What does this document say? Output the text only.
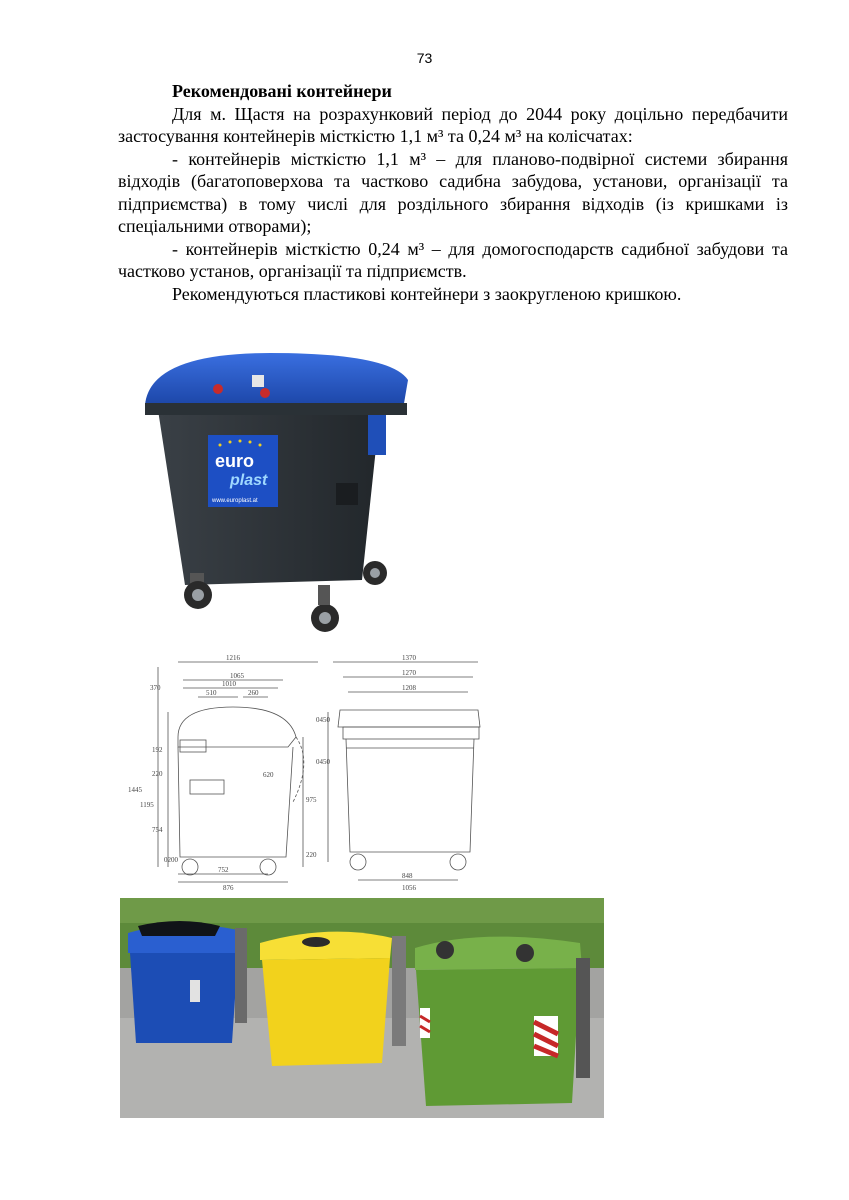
73

Рекомендовані контейнери

Для м. Щастя на розрахунковий період до 2044 року доцільно передбачити застосування контейнерів місткістю 1,1 м³ та 0,24 м³ на колісчатах:

- контейнерів місткістю 1,1 м³ – для планово-подвірної системи збирання відходів (багатоповерхова та частково садибна забудова, установи, організації та підприємства) в тому числі для роздільного збирання відходів (із кришками із спеціальними отворами);

- контейнерів місткістю 0,24 м³ – для домогосподарств садибної забудови та частково установ, організації та підприємств.

Рекомендуються пластикові контейнери з заокругленою кришкою.

euro
plast
www.europlast.at
1216
1065
1010
510	260
370
1445
1195
754
220
192
0200
620
975
220
752
876
1370
1270
1208
0450
0450
848
1056
